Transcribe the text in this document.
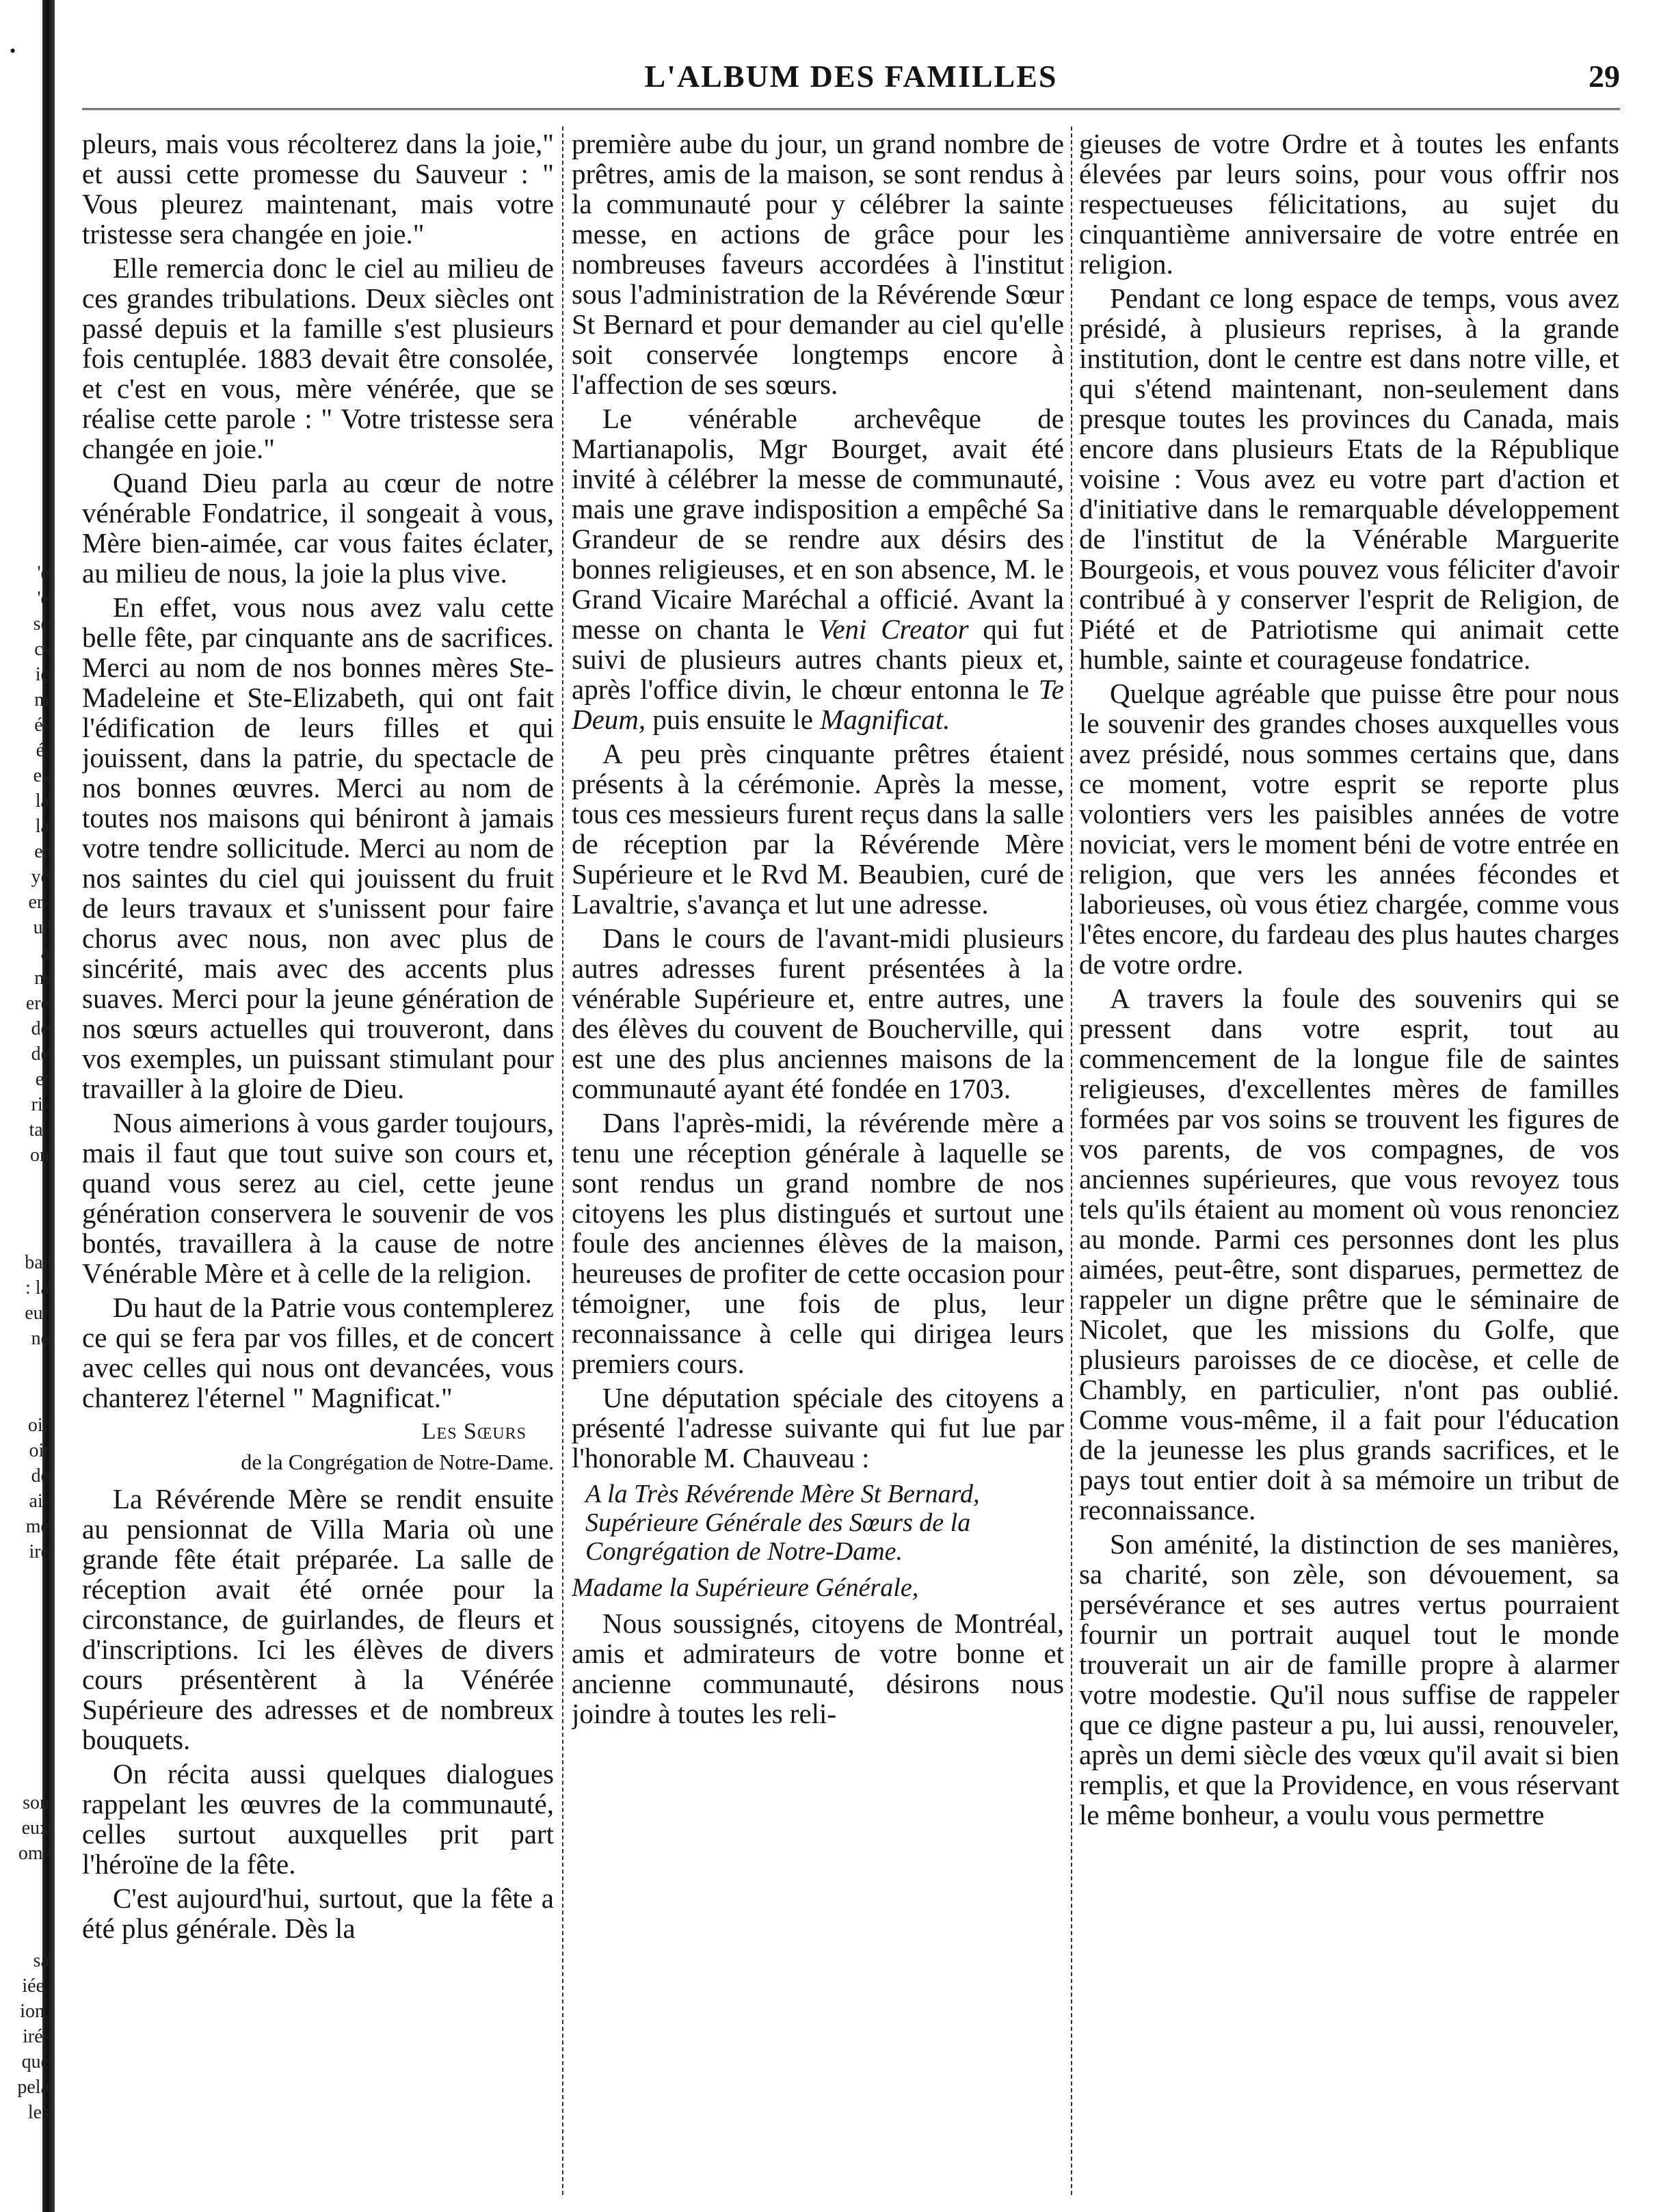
•
'e
'e
se
c-
ie
m
é-
é.
es
la
la
er
yé
er-
ur
a
m
ere
de
de
et
ri-
ta-
on
bar
: la
eur
ne
oir
oit
de
ai-
mé
ire
son
eux
om-
sa
iée.
ion,
iré-
que
pela
les
L'ALBUM DES FAMILLES	29

pleurs, mais vous récolterez dans la joie," et aussi cette promesse du Sauveur : " Vous pleurez maintenant, mais votre tristesse sera changée en joie."

Elle remercia donc le ciel au milieu de ces grandes tribulations. Deux siècles ont passé depuis et la famille s'est plusieurs fois centuplée. 1883 devait être consolée, et c'est en vous, mère vénérée, que se réalise cette parole : " Votre tristesse sera changée en joie."

Quand Dieu parla au cœur de notre vénérable Fondatrice, il songeait à vous, Mère bien-aimée, car vous faites éclater, au milieu de nous, la joie la plus vive.

En effet, vous nous avez valu cette belle fête, par cinquante ans de sacrifices. Merci au nom de nos bonnes mères Ste-Madeleine et Ste-Elizabeth, qui ont fait l'édification de leurs filles et qui jouissent, dans la patrie, du spectacle de nos bonnes œuvres. Merci au nom de toutes nos maisons qui béniront à jamais votre tendre sollicitude. Merci au nom de nos saintes du ciel qui jouissent du fruit de leurs travaux et s'unissent pour faire chorus avec nous, non avec plus de sincérité, mais avec des accents plus suaves. Merci pour la jeune génération de nos sœurs actuelles qui trouveront, dans vos exemples, un puissant stimulant pour travailler à la gloire de Dieu.

Nous aimerions à vous garder toujours, mais il faut que tout suive son cours et, quand vous serez au ciel, cette jeune génération conservera le souvenir de vos bontés, travaillera à la cause de notre Vénérable Mère et à celle de la religion.

Du haut de la Patrie vous contemplerez ce qui se fera par vos filles, et de concert avec celles qui nous ont devancées, vous chanterez l'éternel " Magnificat."

Les Sœurs
de la Congrégation de Notre-Dame.

La Révérende Mère se rendit ensuite au pensionnat de Villa Maria où une grande fête était préparée. La salle de réception avait été ornée pour la circonstance, de guirlandes, de fleurs et d'inscriptions. Ici les élèves de divers cours présentèrent à la Vénérée Supérieure des adresses et de nombreux bouquets.

On récita aussi quelques dialogues rappelant les œuvres de la communauté, celles surtout auxquelles prit part l'héroïne de la fête.

C'est aujourd'hui, surtout, que la fête a été plus générale. Dès la

première aube du jour, un grand nombre de prêtres, amis de la maison, se sont rendus à la communauté pour y célébrer la sainte messe, en actions de grâce pour les nombreuses faveurs accordées à l'institut sous l'administration de la Révérende Sœur St Bernard et pour demander au ciel qu'elle soit conservée longtemps encore à l'affection de ses sœurs.

Le vénérable archevêque de Martianapolis, Mgr Bourget, avait été invité à célébrer la messe de communauté, mais une grave indisposition a empêché Sa Grandeur de se rendre aux désirs des bonnes religieuses, et en son absence, M. le Grand Vicaire Maréchal a officié. Avant la messe on chanta le Veni Creator qui fut suivi de plusieurs autres chants pieux et, après l'office divin, le chœur entonna le Te Deum, puis ensuite le Magnificat.

A peu près cinquante prêtres étaient présents à la cérémonie. Après la messe, tous ces messieurs furent reçus dans la salle de réception par la Révérende Mère Supérieure et le Rvd M. Beaubien, curé de Lavaltrie, s'avança et lut une adresse.

Dans le cours de l'avant-midi plusieurs autres adresses furent présentées à la vénérable Supérieure et, entre autres, une des élèves du couvent de Boucherville, qui est une des plus anciennes maisons de la communauté ayant été fondée en 1703.

Dans l'après-midi, la révérende mère a tenu une réception générale à laquelle se sont rendus un grand nombre de nos citoyens les plus distingués et surtout une foule des anciennes élèves de la maison, heureuses de profiter de cette occasion pour témoigner, une fois de plus, leur reconnaissance à celle qui dirigea leurs premiers cours.

Une députation spéciale des citoyens a présenté l'adresse suivante qui fut lue par l'honorable M. Chauveau :

A la Très Révérende Mère St Bernard, Supérieure Générale des Sœurs de la Congrégation de Notre-Dame.
Madame la Supérieure Générale,

Nous soussignés, citoyens de Montréal, amis et admirateurs de votre bonne et ancienne communauté, désirons nous joindre à toutes les reli-

gieuses de votre Ordre et à toutes les enfants élevées par leurs soins, pour vous offrir nos respectueuses félicitations, au sujet du cinquantième anniversaire de votre entrée en religion.

Pendant ce long espace de temps, vous avez présidé, à plusieurs reprises, à la grande institution, dont le centre est dans notre ville, et qui s'étend maintenant, non-seulement dans presque toutes les provinces du Canada, mais encore dans plusieurs Etats de la République voisine : Vous avez eu votre part d'action et d'initiative dans le remarquable développement de l'institut de la Vénérable Marguerite Bourgeois, et vous pouvez vous féliciter d'avoir contribué à y conserver l'esprit de Religion, de Piété et de Patriotisme qui animait cette humble, sainte et courageuse fondatrice.

Quelque agréable que puisse être pour nous le souvenir des grandes choses auxquelles vous avez présidé, nous sommes certains que, dans ce moment, votre esprit se reporte plus volontiers vers les paisibles années de votre noviciat, vers le moment béni de votre entrée en religion, que vers les années fécondes et laborieuses, où vous étiez chargée, comme vous l'êtes encore, du fardeau des plus hautes charges de votre ordre.

A travers la foule des souvenirs qui se pressent dans votre esprit, tout au commencement de la longue file de saintes religieuses, d'excellentes mères de familles formées par vos soins se trouvent les figures de vos parents, de vos compagnes, de vos anciennes supérieures, que vous revoyez tous tels qu'ils étaient au moment où vous renonciez au monde. Parmi ces personnes dont les plus aimées, peut-être, sont disparues, permettez de rappeler un digne prêtre que le séminaire de Nicolet, que les missions du Golfe, que plusieurs paroisses de ce diocèse, et celle de Chambly, en particulier, n'ont pas oublié. Comme vous-même, il a fait pour l'éducation de la jeunesse les plus grands sacrifices, et le pays tout entier doit à sa mémoire un tribut de reconnaissance.

Son aménité, la distinction de ses manières, sa charité, son zèle, son dévouement, sa persévérance et ses autres vertus pourraient fournir un portrait auquel tout le monde trouverait un air de famille propre à alarmer votre modestie. Qu'il nous suffise de rappeler que ce digne pasteur a pu, lui aussi, renouveler, après un demi siècle des vœux qu'il avait si bien remplis, et que la Providence, en vous réservant le même bonheur, a voulu vous permettre
